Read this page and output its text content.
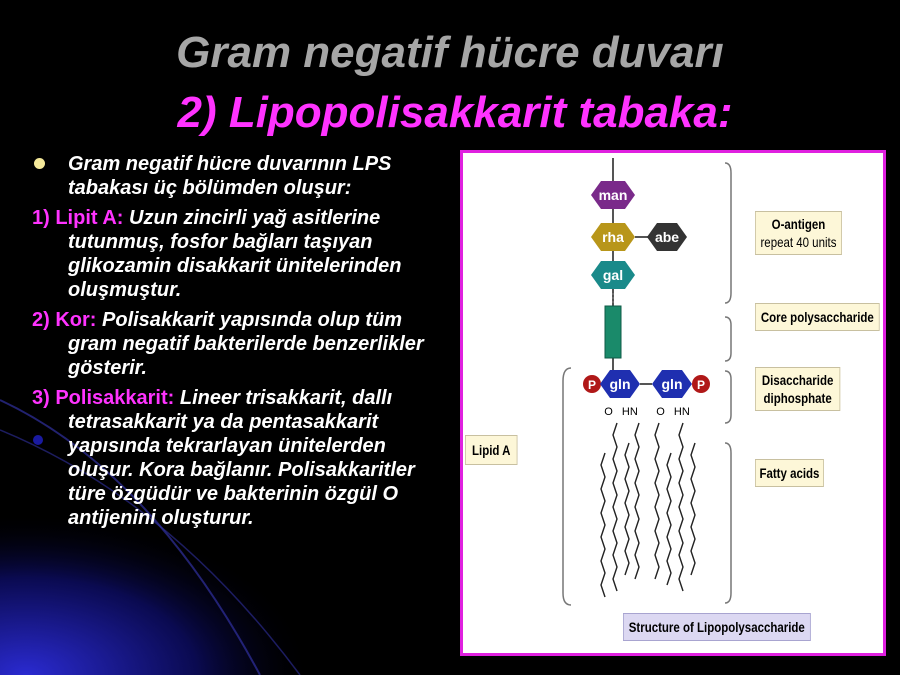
Gram negatif hücre duvarı
2) Lipopolisakkarit tabaka:
Gram negatif hücre duvarının LPS tabakası üç bölümden oluşur:
1) Lipit A: Uzun zincirli yağ asitlerine tutunmuş, fosfor bağları taşıyan glikozamin disakkarit ünitelerinden oluşmuştur.
2) Kor: Polisakkarit yapısında olup tüm gram negatif bakterilerde benzerlikler gösterir.
3) Polisakkarit: Lineer trisakkarit, dallı tetrasakkarit ya da pentasakkarit yapısında tekrarlayan ünitelerden oluşur. Kora bağlanır. Polisakkaritler türe özgüdür ve bakterinin özgül O antijenini oluşturur.
man
rha abe
gal
P gln gln P
O   HN O   HN
O-antigen
repeat 40 units
Core polysaccharide
Disaccharide
diphosphate
Fatty acids
Lipid A
Structure of Lipopolysaccharide
